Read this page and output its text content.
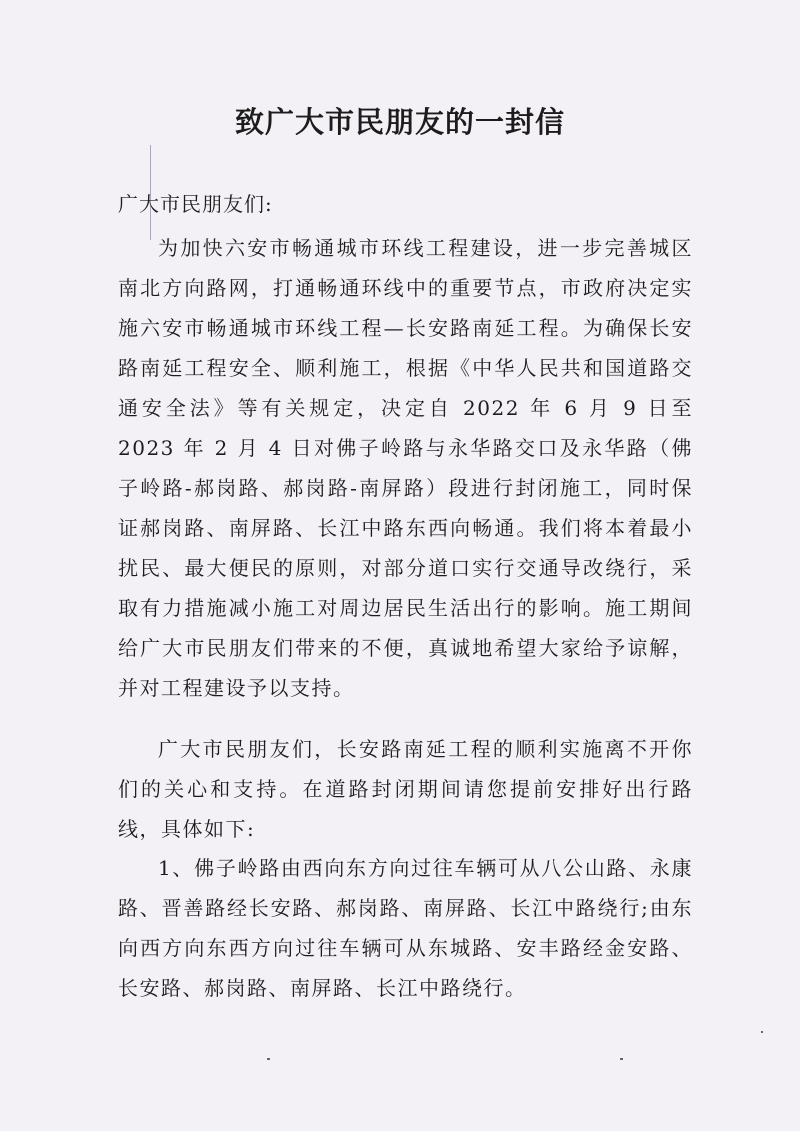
致广大市民朋友的一封信

广大市民朋友们:

为加快六安市畅通城市环线工程建设，进一步完善城区南北方向路网，打通畅通环线中的重要节点，市政府决定实施六安市畅通城市环线工程—长安路南延工程。为确保长安路南延工程安全、顺利施工，根据《中华人民共和国道路交通安全法》等有关规定，决定自 2022 年 6 月 9 日至 2023 年 2 月 4 日对佛子岭路与永华路交口及永华路（佛子岭路-郝岗路、郝岗路-南屏路）段进行封闭施工，同时保证郝岗路、南屏路、长江中路东西向畅通。我们将本着最小扰民、最大便民的原则，对部分道口实行交通导改绕行，采取有力措施减小施工对周边居民生活出行的影响。施工期间给广大市民朋友们带来的不便，真诚地希望大家给予谅解，并对工程建设予以支持。

广大市民朋友们，长安路南延工程的顺利实施离不开你们的关心和支持。在道路封闭期间请您提前安排好出行路线，具体如下:

1、佛子岭路由西向东方向过往车辆可从八公山路、永康路、晋善路经长安路、郝岗路、南屏路、长江中路绕行;由东向西方向东西方向过往车辆可从东城路、安丰路经金安路、长安路、郝岗路、南屏路、长江中路绕行。
